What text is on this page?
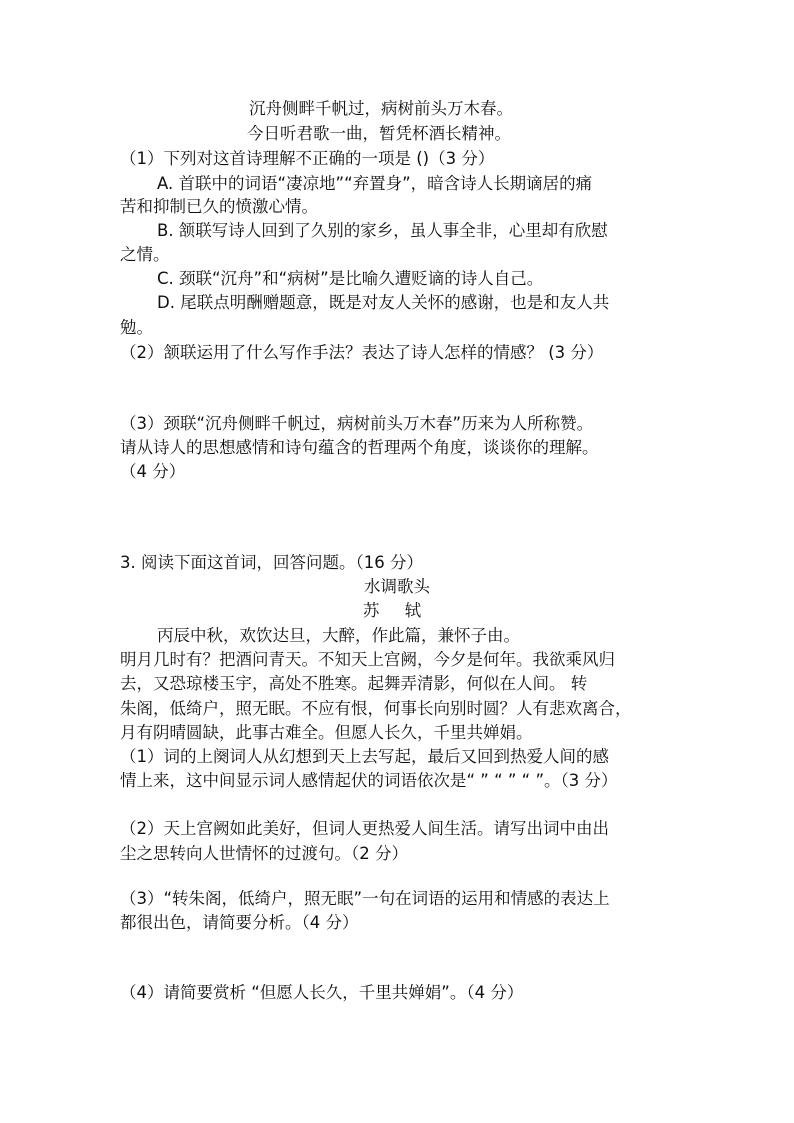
沉舟侧畔千帆过，病树前头万木春。
今日听君歌一曲，暂凭杯酒长精神。
（1）下列对这首诗理解不正确的一项是 ()（3 分）
A. 首联中的词语“凄凉地”“弃置身”，暗含诗人长期谪居的痛
苦和抑制已久的愤激心情。
B. 颔联写诗人回到了久别的家乡，虽人事全非，心里却有欣慰
之情。
C. 颈联“沉舟”和“病树”是比喻久遭贬谪的诗人自己。
D. 尾联点明酬赠题意，既是对友人关怀的感谢，也是和友人共
勉。
（2）颔联运用了什么写作手法？表达了诗人怎样的情感？ (3 分）
（3）颈联“沉舟侧畔千帆过，病树前头万木春”历来为人所称赞。
请从诗人的思想感情和诗句蕴含的哲理两个角度，谈谈你的理解。
（4 分）
3. 阅读下面这首词，回答问题。（16 分）
水调歌头
苏 轼
丙辰中秋，欢饮达旦，大醉，作此篇，兼怀子由。
明月几时有？把酒问青天。不知天上宫阙，今夕是何年。我欲乘风归
去，又恐琼楼玉宇，高处不胜寒。起舞弄清影，何似在人间。 转
朱阁，低绮户，照无眠。不应有恨，何事长向别时圆？人有悲欢离合，
月有阴晴圆缺，此事古难全。但愿人长久，千里共婵娟。
（1）词的上阕词人从幻想到天上去写起，最后又回到热爱人间的感
情上来，这中间显示词人感情起伏的词语依次是“ ” “ ” “ ”。（3 分）
（2）天上宫阙如此美好，但词人更热爱人间生活。请写出词中由出
尘之思转向人世情怀的过渡句。（2 分）
（3）“转朱阁，低绮户，照无眠”一句在词语的运用和情感的表达上
都很出色，请简要分析。（4 分）
（4）请简要赏析 “但愿人长久，千里共婵娟”。（4 分）
